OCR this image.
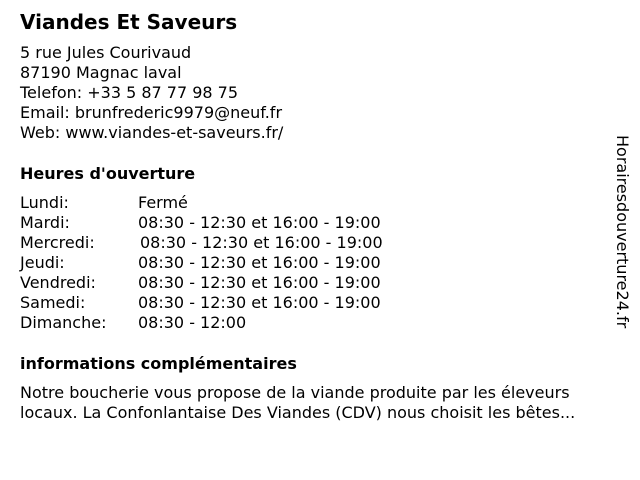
Viandes Et Saveurs
5 rue Jules Courivaud
87190 Magnac laval
Telefon: +33 5 87 77 98 75
Email: brunfrederic9979@neuf.fr
Web: www.viandes-et-saveurs.fr/
Heures d'ouverture
Lundi:	Fermé
Mardi:	08:30 - 12:30 et 16:00 - 19:00
Mercredi:	08:30 - 12:30 et 16:00 - 19:00
Jeudi:	08:30 - 12:30 et 16:00 - 19:00
Vendredi:	08:30 - 12:30 et 16:00 - 19:00
Samedi:	08:30 - 12:30 et 16:00 - 19:00
Dimanche: 08:30 - 12:00
informations complémentaires
Notre boucherie vous propose de la viande produite par les éleveurs
locaux. La Confonlantaise Des Viandes (CDV) nous choisit les bêtes...
Horairesdouverture24.fr
